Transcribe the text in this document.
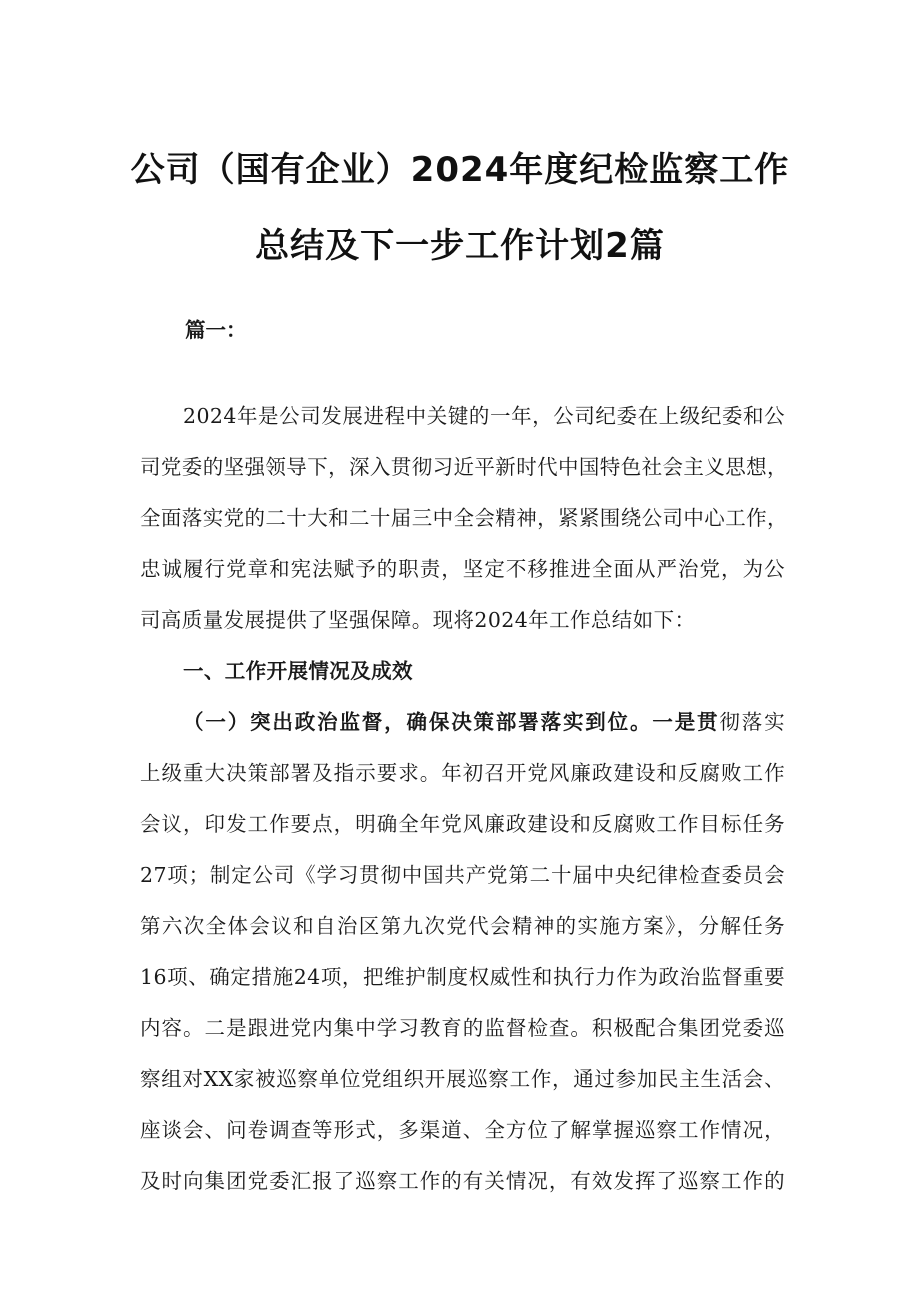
公司（国有企业）2024年度纪检监察工作
总结及下一步工作计划2篇

篇一：

2024年是公司发展进程中关键的一年，公司纪委在上级纪委和公

司党委的坚强领导下，深入贯彻习近平新时代中国特色社会主义思想，

全面落实党的二十大和二十届三中全会精神，紧紧围绕公司中心工作，

忠诚履行党章和宪法赋予的职责，坚定不移推进全面从严治党，为公

司高质量发展提供了坚强保障。现将2024年工作总结如下：

一、工作开展情况及成效

（一）突出政治监督，确保决策部署落实到位。一是贯彻落实

上级重大决策部署及指示要求。年初召开党风廉政建设和反腐败工作

会议，印发工作要点，明确全年党风廉政建设和反腐败工作目标任务

27项；制定公司《学习贯彻中国共产党第二十届中央纪律检查委员会

第六次全体会议和自治区第九次党代会精神的实施方案》，分解任务

16项、确定措施24项，把维护制度权威性和执行力作为政治监督重要

内容。二是跟进党内集中学习教育的监督检查。积极配合集团党委巡

察组对XX家被巡察单位党组织开展巡察工作，通过参加民主生活会、

座谈会、问卷调查等形式，多渠道、全方位了解掌握巡察工作情况，

及时向集团党委汇报了巡察工作的有关情况，有效发挥了巡察工作的
